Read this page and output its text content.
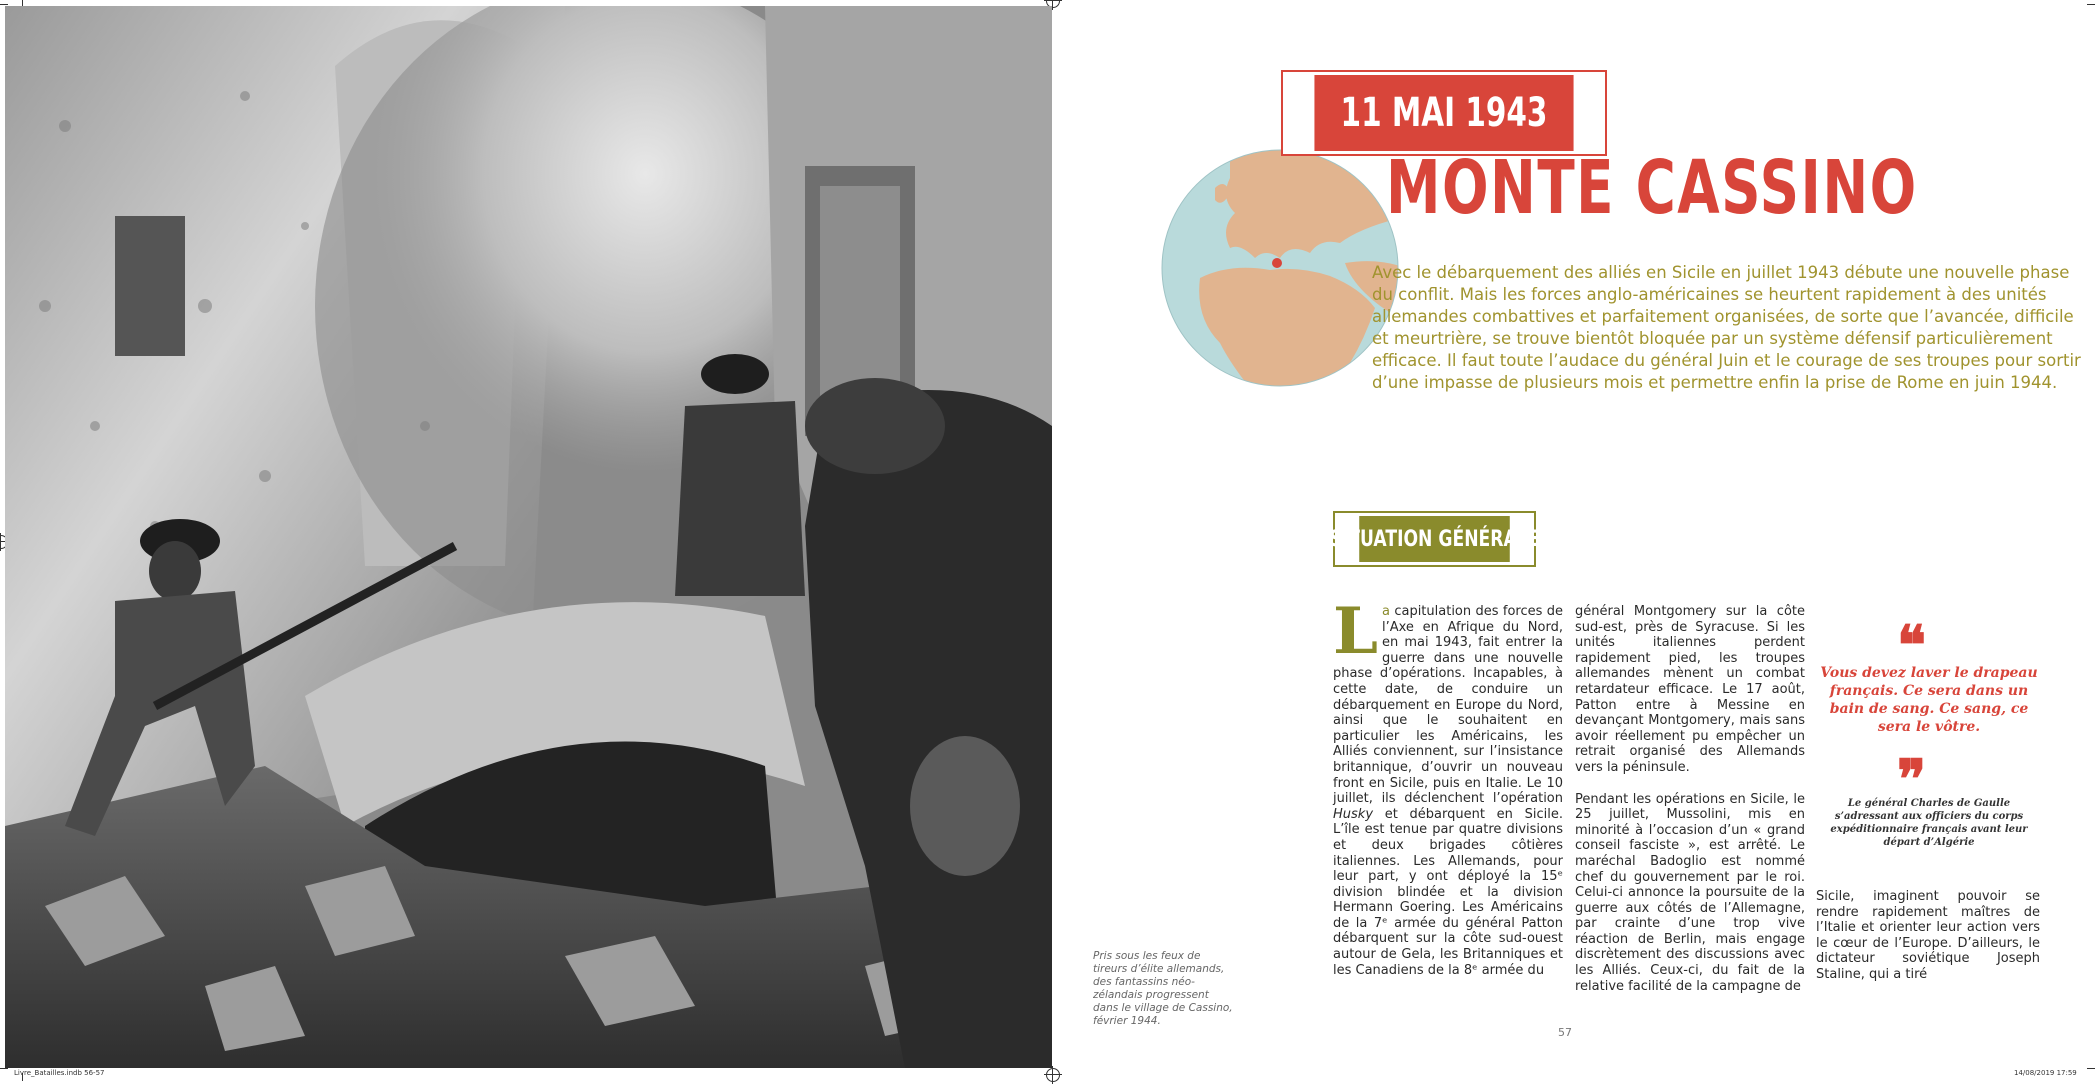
Pris sous les feux de tireurs d’élite allemands, des fantassins néo-zélandais progressent dans le village de Cassino, février 1944.
11 MAI 1943
MONTE CASSINO
Avec le débarquement des alliés en Sicile en juillet 1943 débute une nouvelle phase
du conflit. Mais les forces anglo-américaines se heurtent rapidement à des unités
allemandes combattives et parfaitement organisées, de sorte que l’avancée, difficile
et meurtrière, se trouve bientôt bloquée par un système défensif particulièrement
efficace. Il faut toute l’audace du général Juin et le courage de ses troupes pour sortir
d’une impasse de plusieurs mois et permettre enfin la prise de Rome en juin 1944.
SITUATION GÉNÉRALE

La capitulation des forces de l’Axe en Afrique du Nord, en mai 1943, fait entrer la guerre dans une nouvelle phase d’opérations. Incapables, à cette date, de conduire un débarquement en Europe du Nord, ainsi que le souhaitent en particulier les Américains, les Alliés conviennent, sur l’insistance britannique, d’ouvrir un nouveau front en Sicile, puis en Italie. Le 10 juillet, ils déclenchent l’opération Husky et débarquent en Sicile. L’île est tenue par quatre divisions et deux brigades côtières italiennes. Les Allemands, pour leur part, y ont déployé la 15ᵉ division blindée et la division Hermann Goering. Les Américains de la 7ᵉ armée du général Patton débarquent sur la côte sud-ouest autour de Gela, les Britanniques et les Canadiens de la 8ᵉ armée du

général Montgomery sur la côte sud-est, près de Syracuse. Si les unités italiennes perdent rapidement pied, les troupes allemandes mènent un combat retardateur efficace. Le 17 août, Patton entre à Messine en devançant Montgomery, mais sans avoir réellement pu empêcher un retrait organisé des Allemands vers la péninsule.

Pendant les opérations en Sicile, le 25 juillet, Mussolini, mis en minorité à l’occasion d’un « grand conseil fasciste », est arrêté. Le maréchal Badoglio est nommé chef du gouvernement par le roi. Celui-ci annonce la poursuite de la guerre aux côtés de l’Allemagne, par crainte d’une trop vive réaction de Berlin, mais engage discrètement des discussions avec les Alliés. Ceux-ci, du fait de la relative facilité de la campagne de

❝
Vous devez laver le drapeau français. Ce sera dans un bain de sang. Ce sang, ce sera le vôtre.
❞
Le général Charles de Gaulle s’adressant aux officiers du corps expéditionnaire français avant leur départ d’Algérie

Sicile, imaginent pouvoir se rendre rapidement maîtres de l’Italie et orienter leur action vers le cœur de l’Europe. D’ailleurs, le dictateur soviétique Joseph Staline, qui a tiré

57
Livre_Batailles.indb 56-57	14/08/2019 17:59
